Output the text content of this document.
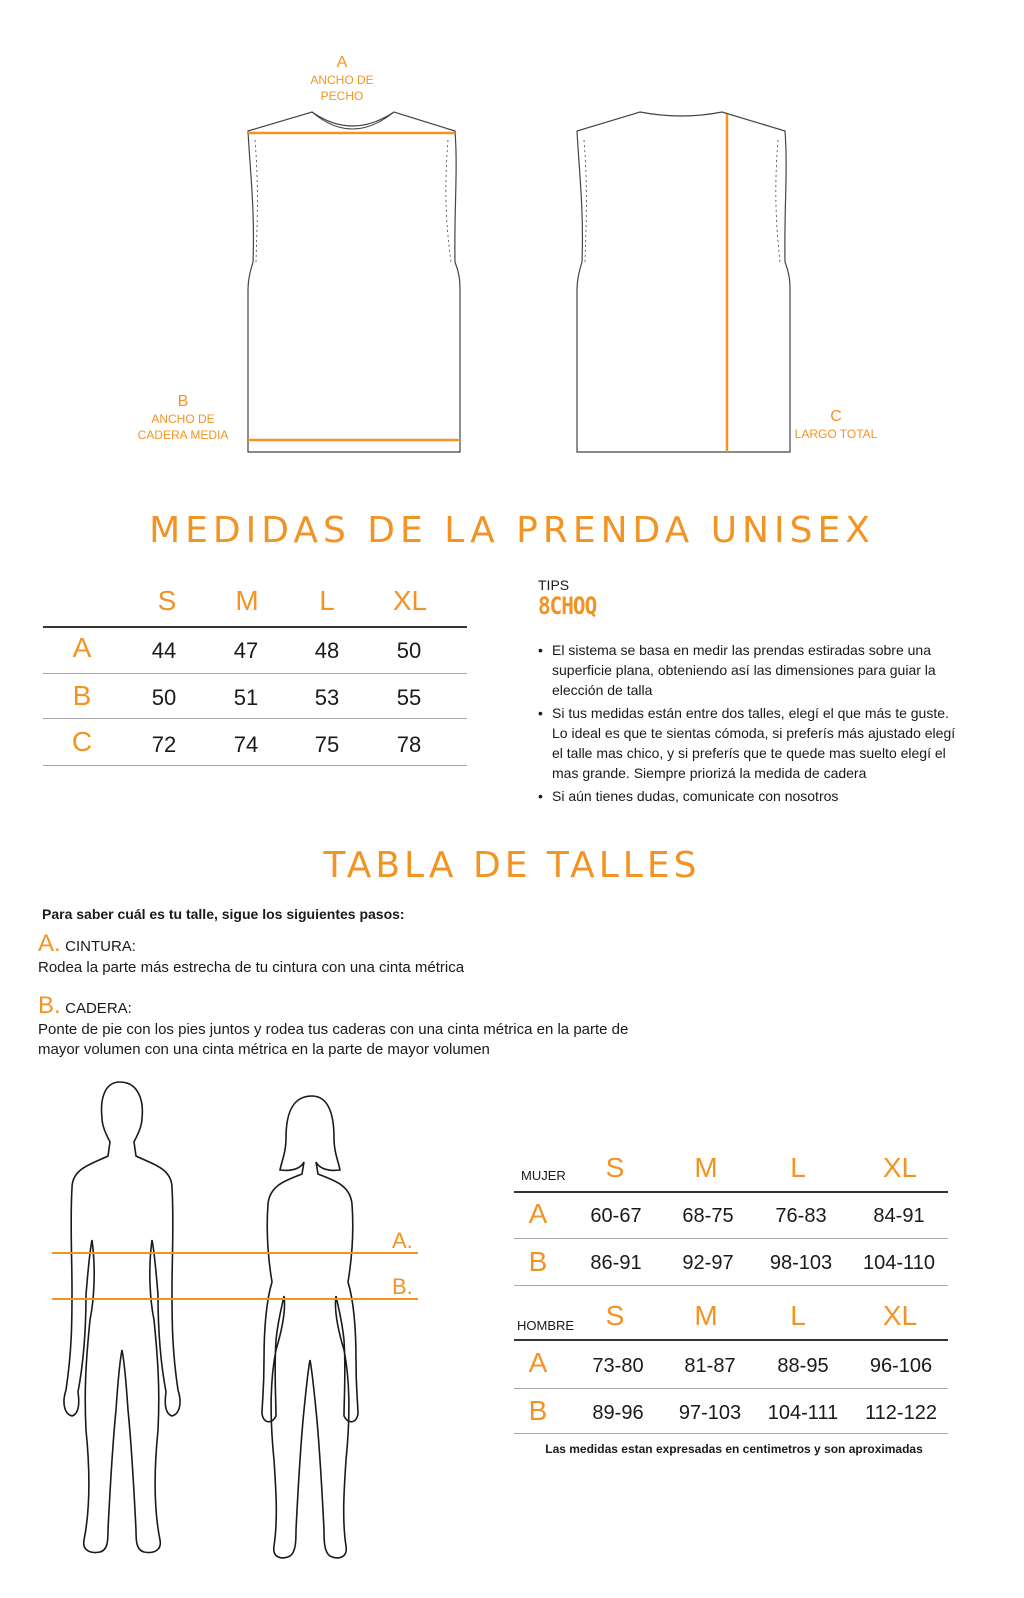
A
ANCHO DE
PECHO
B
ANCHO DE
CADERA MEDIA
C
LARGO TOTAL
MEDIDAS DE LA PRENDA UNISEX
S	M	L	XL
A	44	47	48	50
B	50	51	53	55
C	72	74	75	78
TIPS
8CHOQ
• El sistema se basa en medir las prendas estiradas sobre una superficie plana, obteniendo así las dimensiones para guiar la elección de talla
• Si tus medidas están entre dos talles, elegí el que más te guste. Lo ideal es que te sientas cómoda, si preferís más ajustado elegí el talle mas chico, y si preferís que te quede mas suelto elegí el mas grande. Siempre priorizá la medida de cadera
• Si aún tienes dudas, comunicate con nosotros
TABLA DE TALLES
Para saber cuál es tu talle, sigue los siguientes pasos:
A. CINTURA:
Rodea la parte más estrecha de tu cintura con una cinta métrica
B. CADERA:
Ponte de pie con los pies juntos y rodea tus caderas con una cinta métrica en la parte de mayor volumen con una cinta métrica en la parte de mayor volumen
A.
B.
MUJER	S	M	L	XL
A	60-67	68-75	76-83	84-91
B	86-91	92-97	98-103	104-110
HOMBRE	S	M	L	XL
A	73-80	81-87	88-95	96-106
B	89-96	97-103	104-111	112-122
Las medidas estan expresadas en centimetros y son aproximadas
